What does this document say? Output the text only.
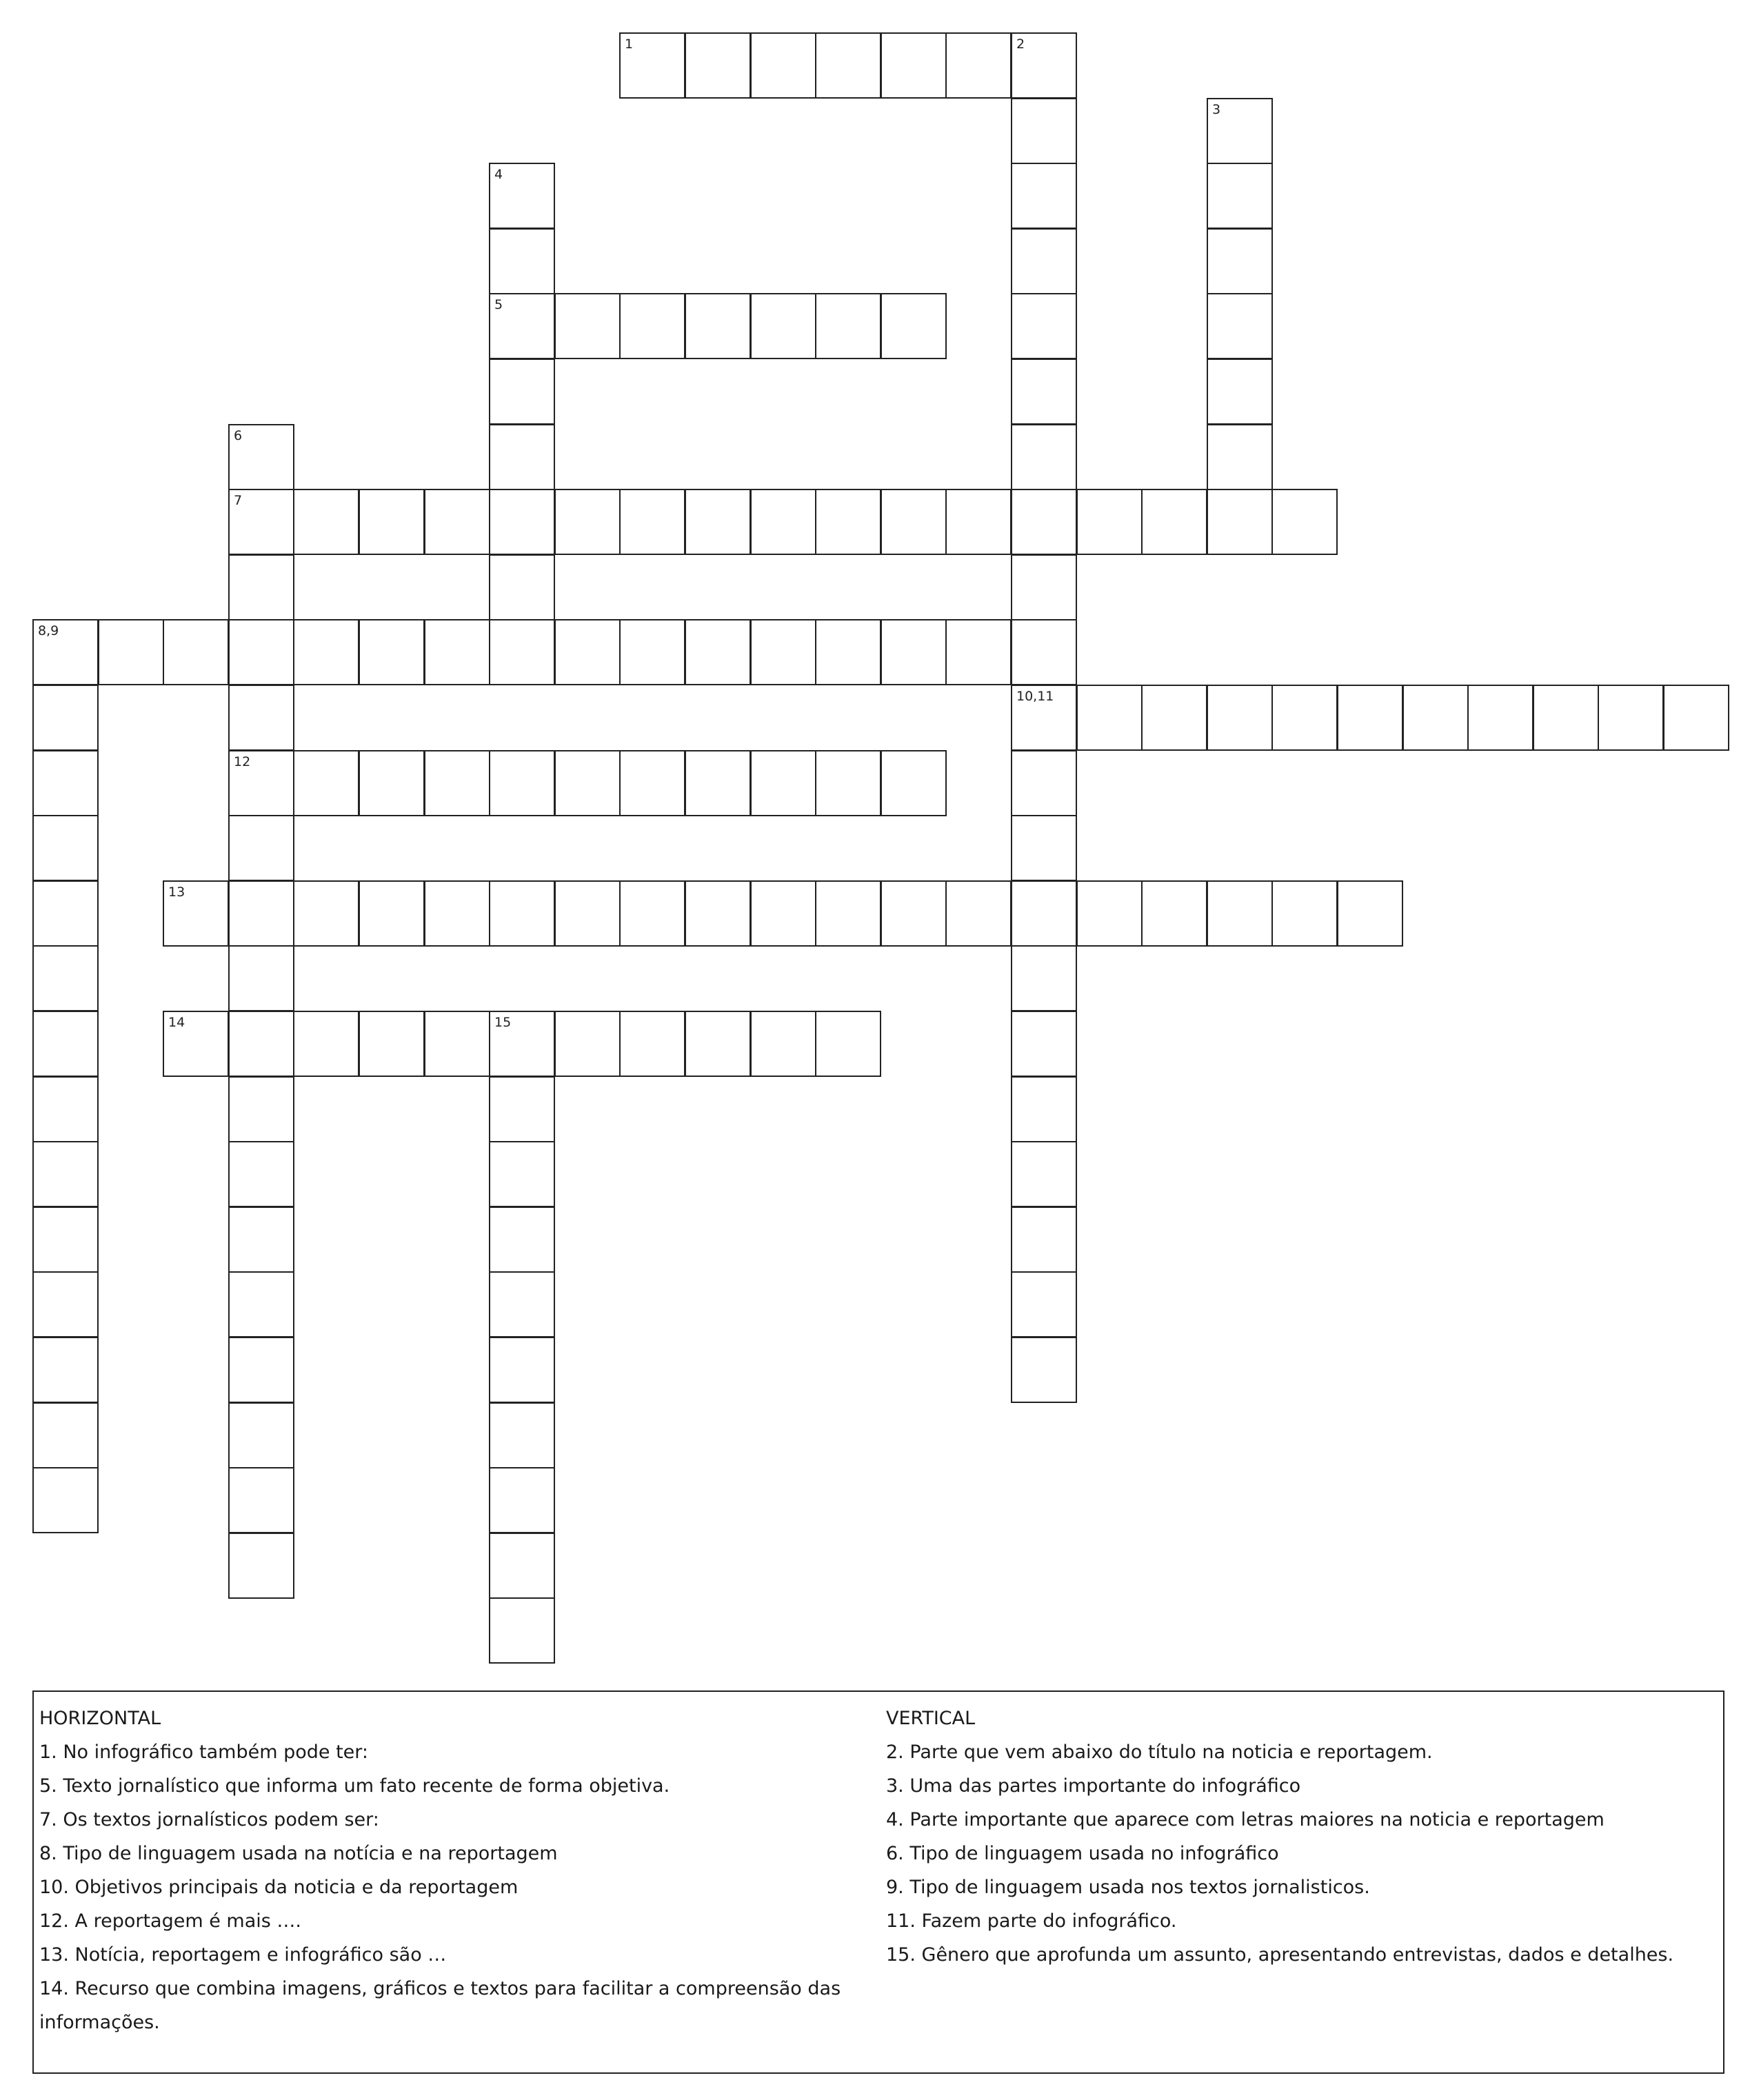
1	2
3
4
5
6
7
12
8,9
10,11
13
14	15
HORIZONTAL
1. No infográfico também pode ter:
5. Texto jornalístico que informa um fato recente de forma objetiva.
7. Os textos jornalísticos podem ser:
8. Tipo de linguagem usada na notícia e na reportagem
10. Objetivos principais da noticia e da reportagem
12. A reportagem é mais ….
13. Notícia, reportagem e infográfico são …
14. Recurso que combina imagens, gráficos e textos para facilitar a compreensão das informações.
VERTICAL
2. Parte que vem abaixo do título na noticia e reportagem.
3. Uma das partes importante do infográfico
4. Parte importante que aparece com letras maiores na noticia e reportagem
6. Tipo de linguagem usada no infográfico
9. Tipo de linguagem usada nos textos jornalisticos.
11. Fazem parte do infográfico.
15. Gênero que aprofunda um assunto, apresentando entrevistas, dados e detalhes.
